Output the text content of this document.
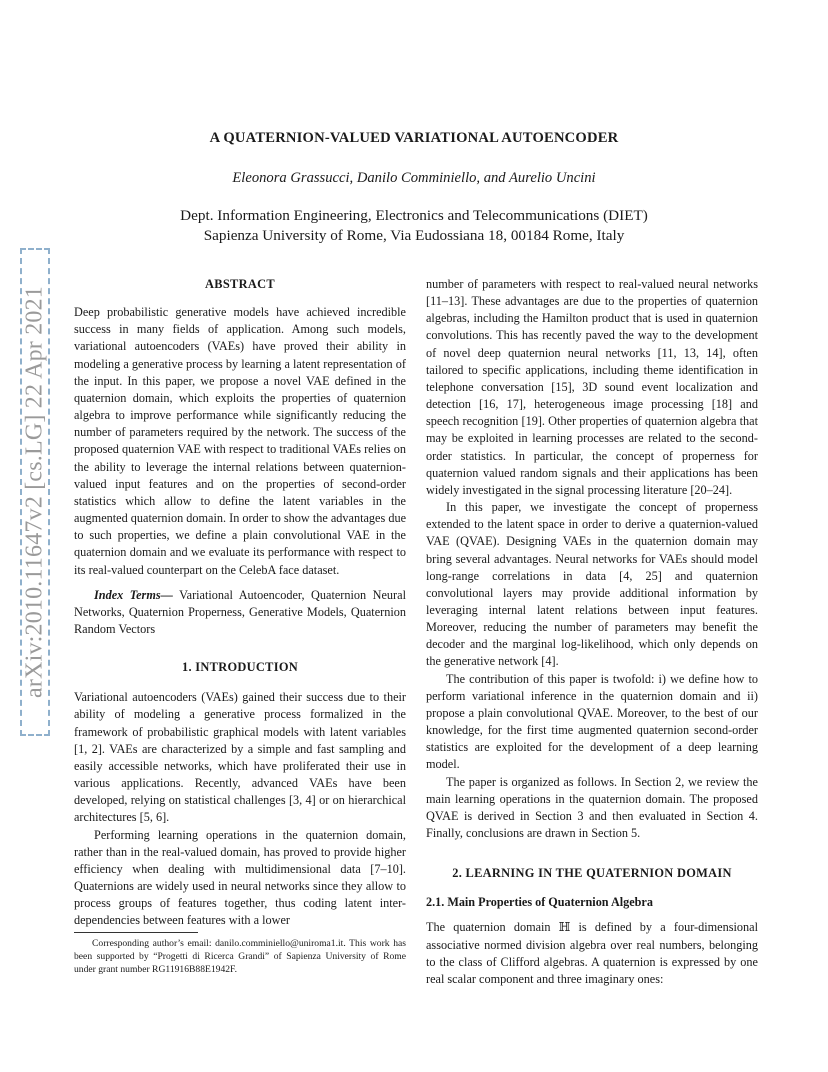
arXiv:2010.11647v2 [cs.LG] 22 Apr 2021
A QUATERNION-VALUED VARIATIONAL AUTOENCODER
Eleonora Grassucci, Danilo Comminiello, and Aurelio Uncini
Dept. Information Engineering, Electronics and Telecommunications (DIET)
Sapienza University of Rome, Via Eudossiana 18, 00184 Rome, Italy
ABSTRACT

Deep probabilistic generative models have achieved incredible success in many fields of application. Among such models, variational autoencoders (VAEs) have proved their ability in modeling a generative process by learning a latent representation of the input. In this paper, we propose a novel VAE defined in the quaternion domain, which exploits the properties of quaternion algebra to improve performance while significantly reducing the number of parameters required by the network. The success of the proposed quaternion VAE with respect to traditional VAEs relies on the ability to leverage the internal relations between quaternion-valued input features and on the properties of second-order statistics which allow to define the latent variables in the augmented quaternion domain. In order to show the advantages due to such properties, we define a plain convolutional VAE in the quaternion domain and we evaluate its performance with respect to its real-valued counterpart on the CelebA face dataset.

Index Terms— Variational Autoencoder, Quaternion Neural Networks, Quaternion Properness, Generative Models, Quaternion Random Vectors

1. INTRODUCTION

Variational autoencoders (VAEs) gained their success due to their ability of modeling a generative process formalized in the framework of probabilistic graphical models with latent variables [1, 2]. VAEs are characterized by a simple and fast sampling and easily accessible networks, which have proliferated their use in various applications. Recently, advanced VAEs have been developed, relying on statistical challenges [3, 4] or on hierarchical architectures [5, 6].

Performing learning operations in the quaternion domain, rather than in the real-valued domain, has proved to provide higher efficiency when dealing with multidimensional data [7–10]. Quaternions are widely used in neural networks since they allow to process groups of features together, thus coding latent inter-dependencies between features with a lower

number of parameters with respect to real-valued neural networks [11–13]. These advantages are due to the properties of quaternion algebras, including the Hamilton product that is used in quaternion convolutions. This has recently paved the way to the development of novel deep quaternion neural networks [11, 13, 14], often tailored to specific applications, including theme identification in telephone conversation [15], 3D sound event localization and detection [16, 17], heterogeneous image processing [18] and speech recognition [19]. Other properties of quaternion algebra that may be exploited in learning processes are related to the second-order statistics. In particular, the concept of properness for quaternion valued random signals and their applications has been widely investigated in the signal processing literature [20–24].

In this paper, we investigate the concept of properness extended to the latent space in order to derive a quaternion-valued VAE (QVAE). Designing VAEs in the quaternion domain may bring several advantages. Neural networks for VAEs should model long-range correlations in data [4, 25] and quaternion convolutional layers may provide additional information by leveraging internal latent relations between input features. Moreover, reducing the number of parameters may benefit the decoder and the marginal log-likelihood, which only depends on the generative network [4].

The contribution of this paper is twofold: i) we define how to perform variational inference in the quaternion domain and ii) propose a plain convolutional QVAE. Moreover, to the best of our knowledge, for the first time augmented quaternion second-order statistics are exploited for the development of a deep learning model.

The paper is organized as follows. In Section 2, we review the main learning operations in the quaternion domain. The proposed QVAE is derived in Section 3 and then evaluated in Section 4. Finally, conclusions are drawn in Section 5.

2. LEARNING IN THE QUATERNION DOMAIN
2.1. Main Properties of Quaternion Algebra

The quaternion domain ℍ is defined by a four-dimensional associative normed division algebra over real numbers, belonging to the class of Clifford algebras. A quaternion is expressed by one real scalar component and three imaginary ones:

Corresponding author’s email: danilo.comminiello@uniroma1.it. This work has been supported by “Progetti di Ricerca Grandi” of Sapienza University of Rome under grant number RG11916B88E1942F.
